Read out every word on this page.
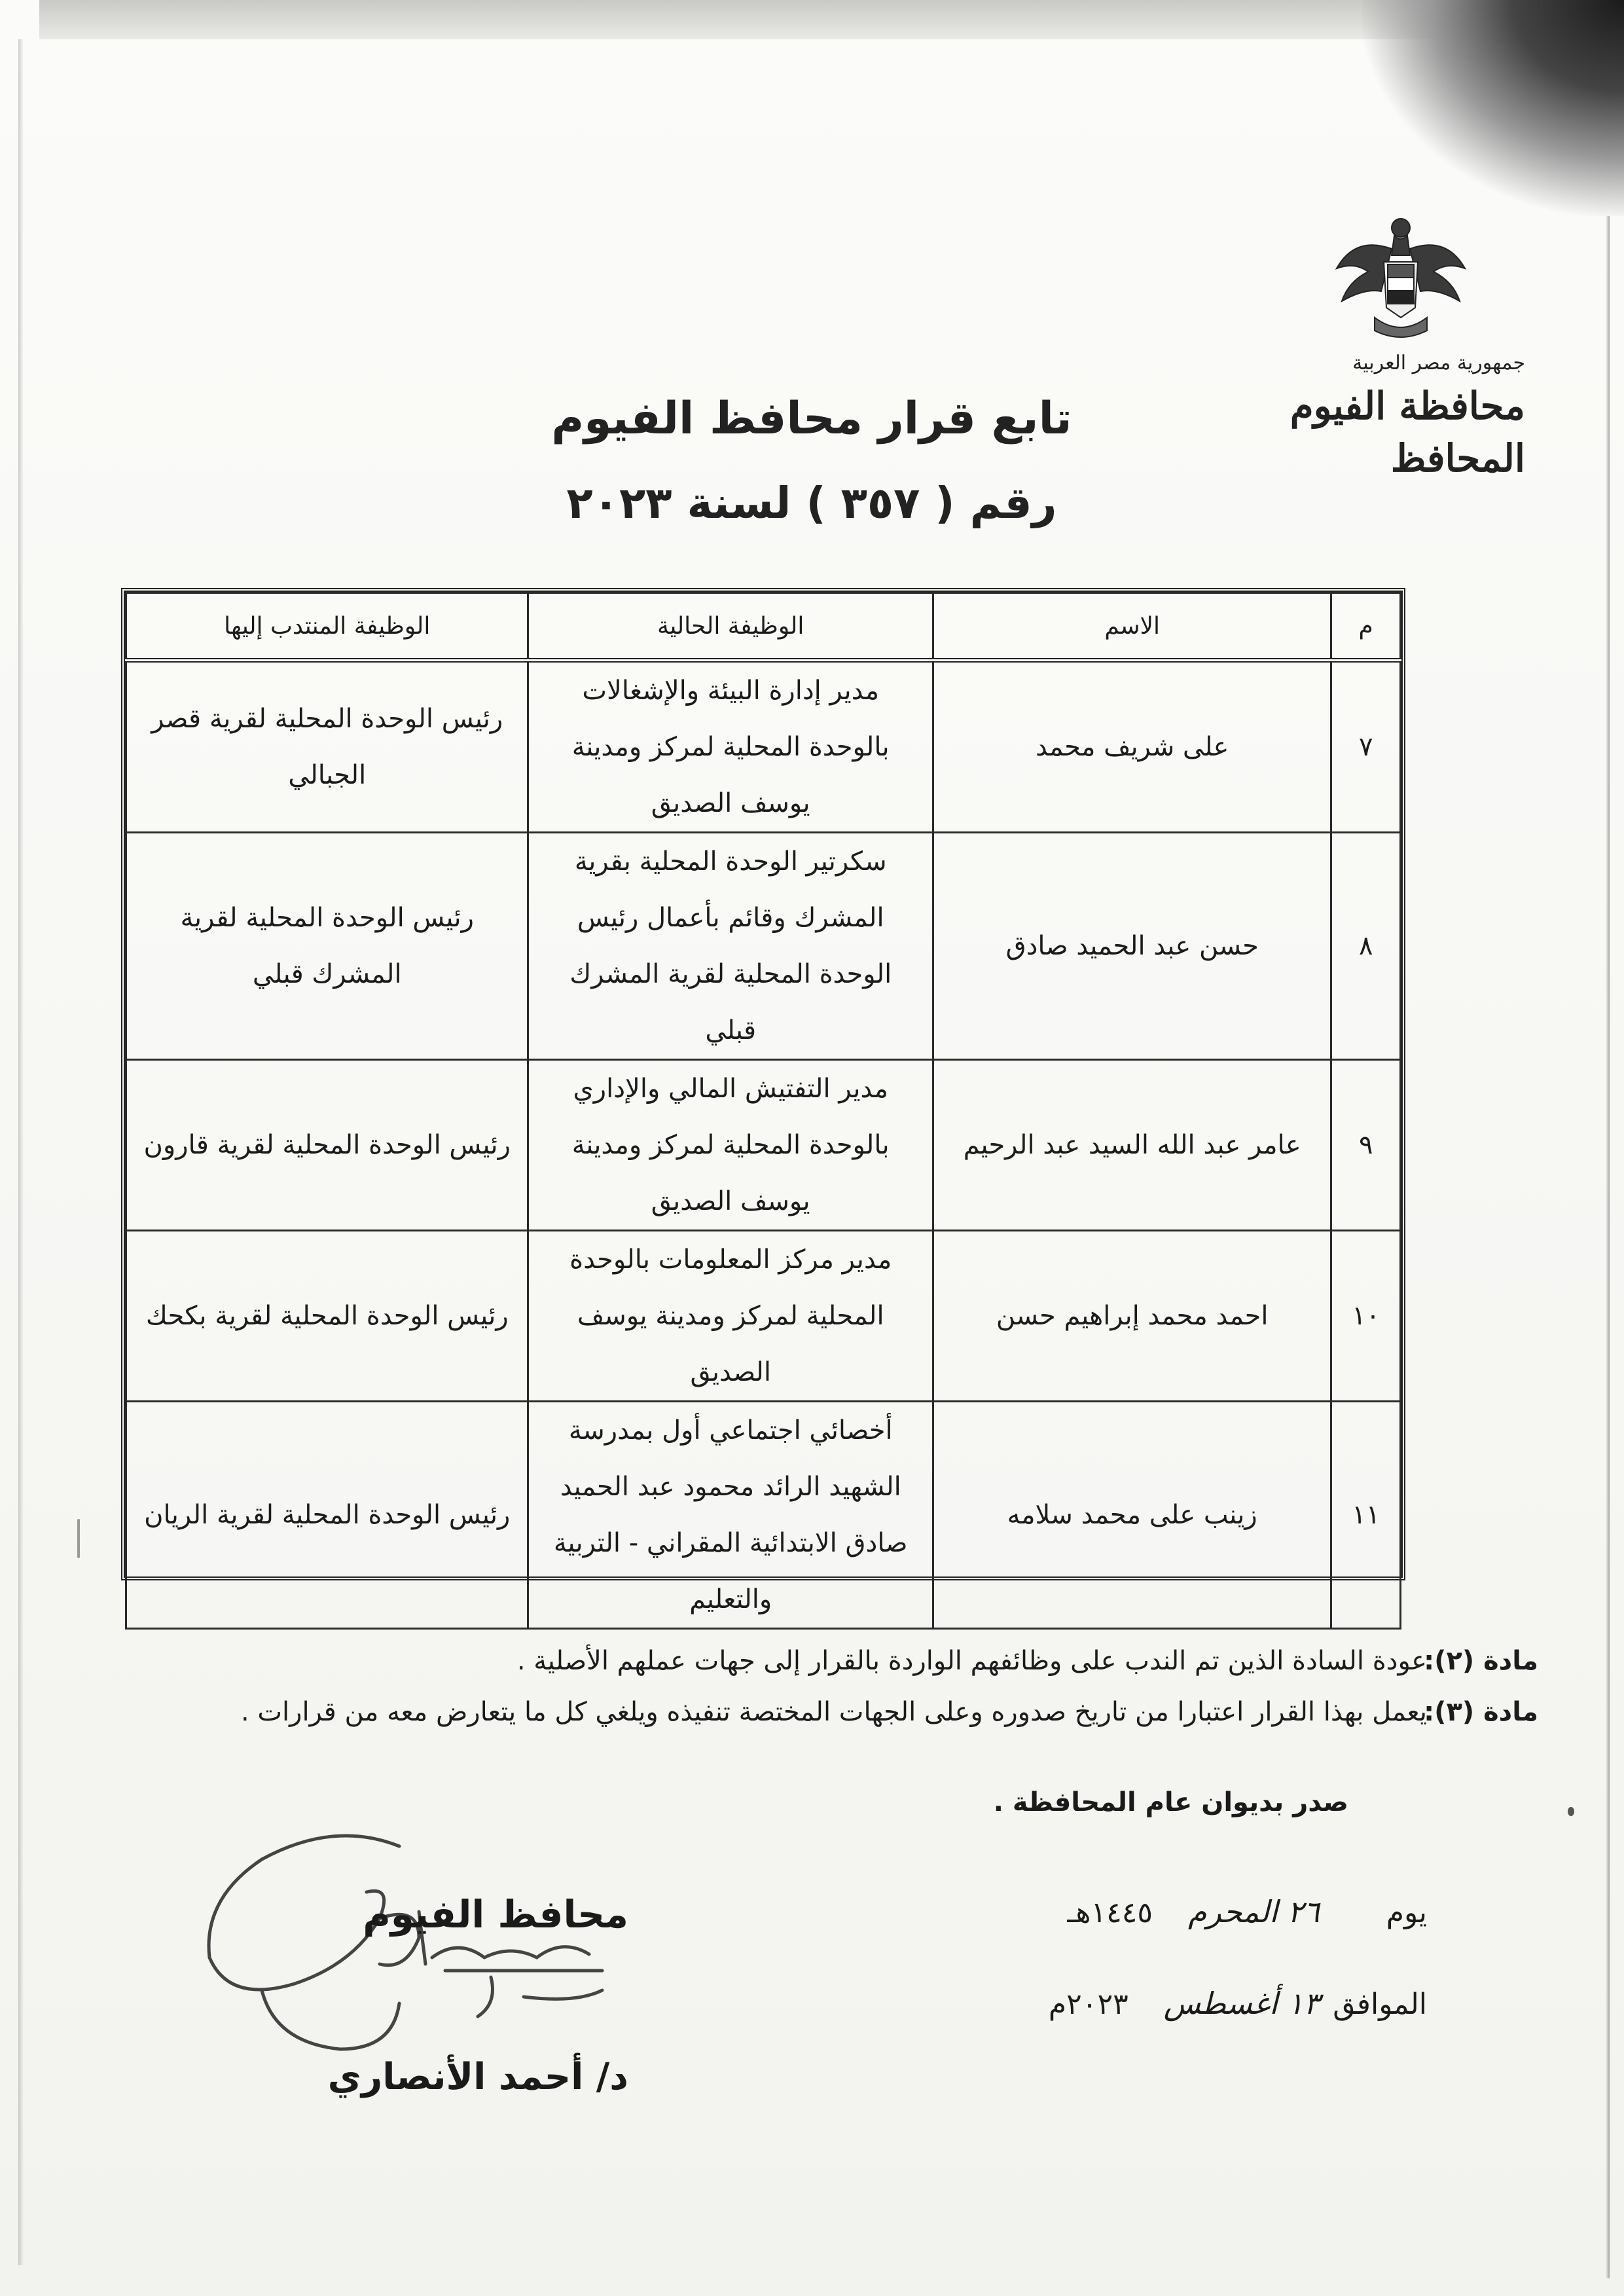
جمهورية مصر العربية
محافظة الفيوم
المحافظ
تابع قرار محافظ الفيوم
رقم ( ٣٥٧ ) لسنة ٢٠٢٣
م	الاسم	الوظيفة الحالية	الوظيفة المنتدب إليها
٧	على شريف محمد	مدير إدارة البيئة والإشغالات بالوحدة المحلية لمركز ومدينة يوسف الصديق	رئيس الوحدة المحلية لقرية قصر الجبالي
٨	حسن عبد الحميد صادق	سكرتير الوحدة المحلية بقرية المشرك وقائم بأعمال رئيس الوحدة المحلية لقرية المشرك قبلي	رئيس الوحدة المحلية لقرية المشرك قبلي
٩	عامر عبد الله السيد عبد الرحيم	مدير التفتيش المالي والإداري بالوحدة المحلية لمركز ومدينة يوسف الصديق	رئيس الوحدة المحلية لقرية قارون
١٠	احمد محمد إبراهيم حسن	مدير مركز المعلومات بالوحدة المحلية لمركز ومدينة يوسف الصديق	رئيس الوحدة المحلية لقرية بكحك
١١	زينب على محمد سلامه	أخصائي اجتماعي أول بمدرسة الشهيد الرائد محمود عبد الحميد صادق الابتدائية المقراني - التربية والتعليم	رئيس الوحدة المحلية لقرية الريان
مادة (٢):
عودة السادة الذين تم الندب على وظائفهم الواردة بالقرار إلى جهات عملهم الأصلية .
مادة (٣):
يعمل بهذا القرار اعتبارا من تاريخ صدوره وعلى الجهات المختصة تنفيذه ويلغي كل ما يتعارض معه من قرارات .
صدر بديوان عام المحافظة .
يوم ٢٦ المحرم ١٤٤٥هـ
الموافق ١٣ أغسطس ٢٠٢٣م
محافظ الفيوم
د/ أحمد الأنصاري
